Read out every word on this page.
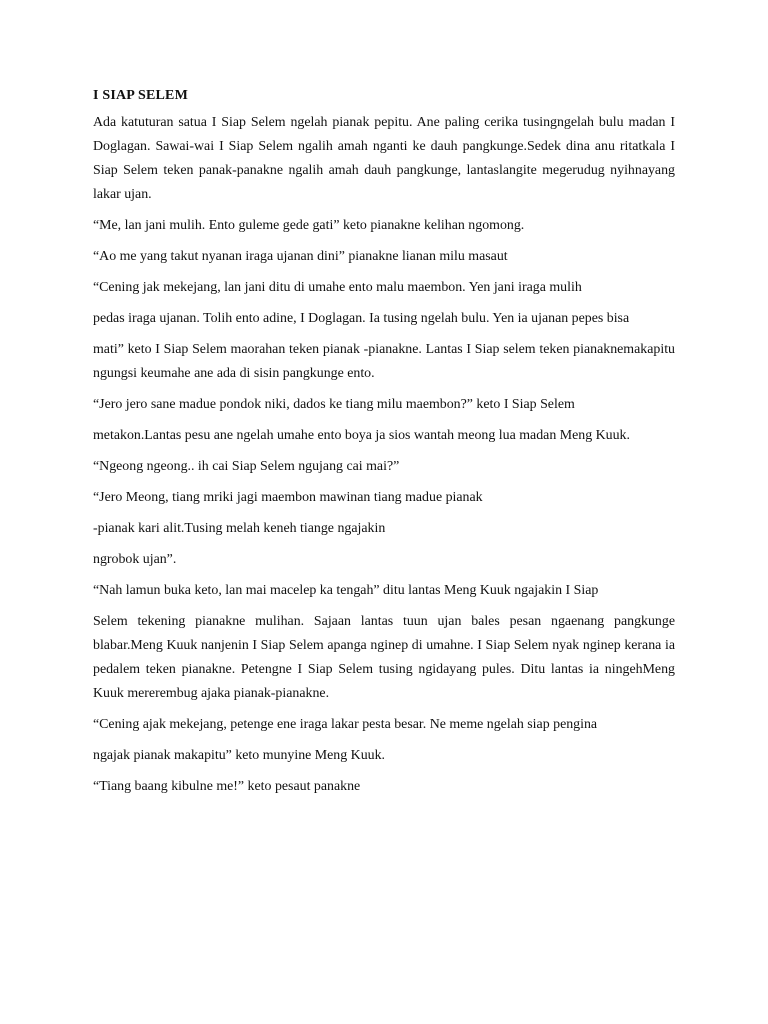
I SIAP SELEM
Ada katuturan satua I Siap Selem ngelah pianak pepitu. Ane paling cerika tusingngelah bulu madan I Doglagan. Sawai-wai I Siap Selem ngalih amah nganti ke dauh pangkunge.Sedek dina anu ritatkala I Siap Selem teken panak-panakne ngalih amah dauh pangkunge, lantaslangite megerudug nyihnayang lakar ujan.
“Me, lan jani mulih. Ento guleme gede gati” keto pianakne kelihan ngomong.
“Ao me yang takut nyanan iraga ujanan dini” pianakne lianan milu masaut
“Cening jak mekejang, lan jani ditu di umahe ento malu maembon. Yen jani iraga mulih
pedas iraga ujanan. Tolih ento adine, I Doglagan. Ia tusing ngelah bulu. Yen ia ujanan pepes bisa
mati” keto I Siap Selem maorahan teken pianak -pianakne. Lantas I Siap selem teken pianaknemakapitu ngungsi keumahe ane ada di sisin pangkunge ento.
“Jero jero sane madue pondok niki, dados ke tiang milu maembon?” keto I Siap Selem
metakon.Lantas pesu ane ngelah umahe ento boya ja sios wantah meong lua madan Meng Kuuk.
“Ngeong ngeong.. ih cai Siap Selem ngujang cai mai?”
“Jero Meong, tiang mriki jagi maembon mawinan tiang madue pianak
-pianak kari alit.Tusing melah keneh tiange ngajakin
ngrobok ujan”.
“Nah lamun buka keto, lan mai macelep ka tengah” ditu lantas Meng Kuuk ngajakin I Siap
Selem tekening pianakne mulihan. Sajaan lantas tuun ujan bales pesan ngaenang pangkunge blabar.Meng Kuuk nanjenin I Siap Selem apanga nginep di umahne. I Siap Selem nyak nginep kerana ia pedalem teken pianakne. Petengne I Siap Selem tusing ngidayang pules. Ditu lantas ia ningehMeng Kuuk mererembug ajaka pianak-pianakne.
“Cening ajak mekejang, petenge ene iraga lakar pesta besar. Ne meme ngelah siap pengina
ngajak pianak makapitu” keto munyine Meng Kuuk.
“Tiang baang kibulne me!” keto pesaut panakne
